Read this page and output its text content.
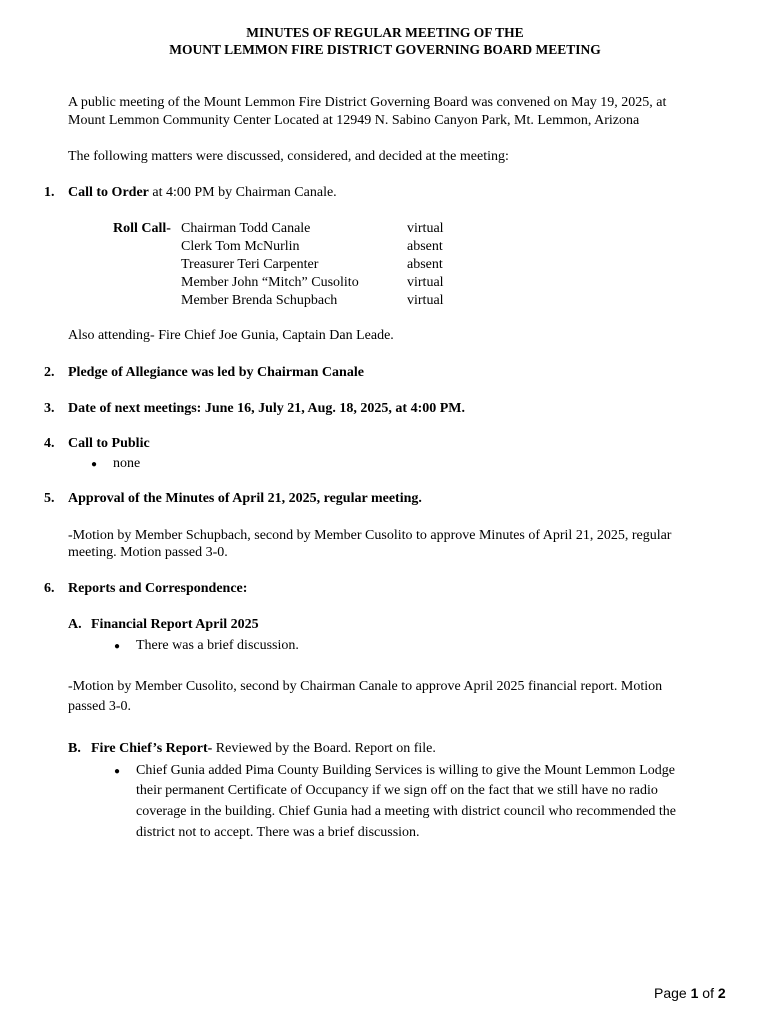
MINUTES OF REGULAR MEETING OF THE
MOUNT LEMMON FIRE DISTRICT GOVERNING BOARD MEETING
A public meeting of the Mount Lemmon Fire District Governing Board was convened on May 19, 2025, at
Mount Lemmon Community Center Located at 12949 N. Sabino Canyon Park, Mt. Lemmon, Arizona
The following matters were discussed, considered, and decided at the meeting:
1. Call to Order at 4:00 PM by Chairman Canale.
Roll Call- Chairman Todd Canale	virtual
Clerk Tom McNurlin	absent
Treasurer Teri Carpenter	absent
Member John “Mitch” Cusolito	virtual
Member Brenda Schupbach	virtual
Also attending- Fire Chief Joe Gunia, Captain Dan Leade.
2. Pledge of Allegiance was led by Chairman Canale
3. Date of next meetings: June 16, July 21, Aug. 18, 2025, at 4:00 PM.
4. Call to Public
● none
5. Approval of the Minutes of April 21, 2025, regular meeting.
-Motion by Member Schupbach, second by Member Cusolito to approve Minutes of April 21, 2025, regular
meeting. Motion passed 3-0.
6. Reports and Correspondence:
A. Financial Report April 2025
● There was a brief discussion.
-Motion by Member Cusolito, second by Chairman Canale to approve April 2025 financial report. Motion
passed 3-0.
B. Fire Chief’s Report- Reviewed by the Board. Report on file.
● Chief Gunia added Pima County Building Services is willing to give the Mount Lemmon Lodge
their permanent Certificate of Occupancy if we sign off on the fact that we still have no radio
coverage in the building. Chief Gunia had a meeting with district council who recommended the
district not to accept. There was a brief discussion.
Page 1 of 2
